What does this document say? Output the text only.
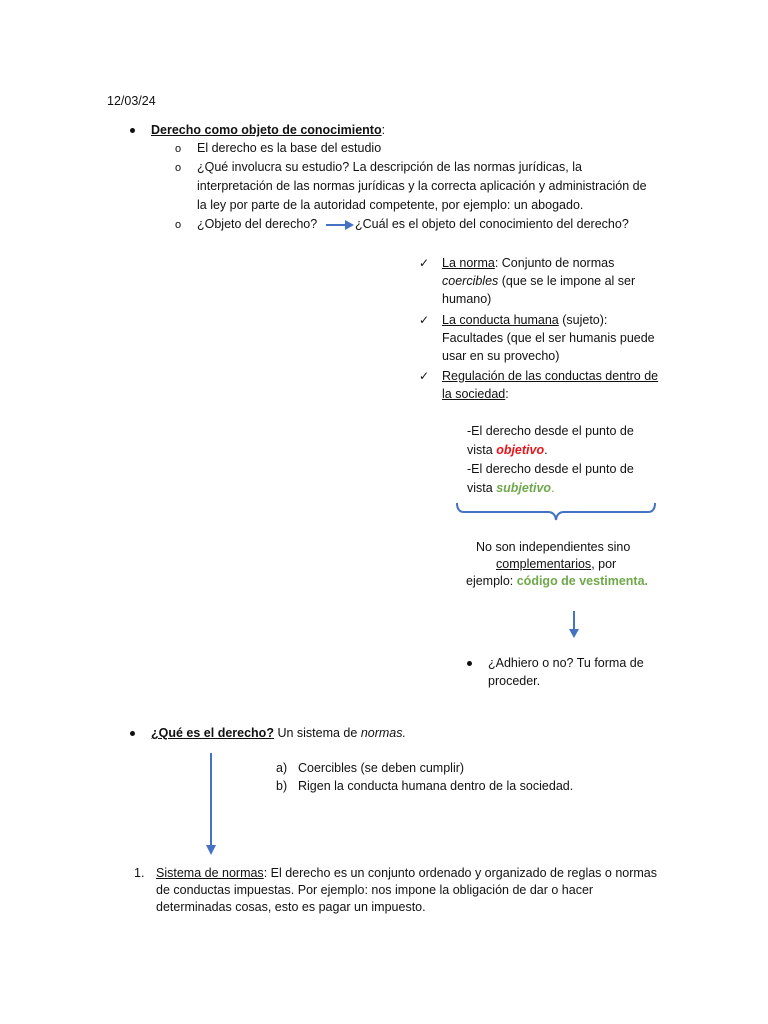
12/03/24
Derecho como objeto de conocimiento:
o El derecho es la base del estudio
o ¿Qué involucra su estudio? La descripción de las normas jurídicas, la
interpretación de las normas jurídicas y la correcta aplicación y administración de
la ley por parte de la autoridad competente, por ejemplo: un abogado.
o ¿Objeto del derecho?	¿Cuál es el objeto del conocimiento del derecho?
✓ La norma: Conjunto de normas
coercibles (que se le impone al ser
humano)
✓ La conducta humana (sujeto):
Facultades (que el ser humanis puede
usar en su provecho)
✓ Regulación de las conductas dentro de
la sociedad:
-El derecho desde el punto de
vista objetivo.
-El derecho desde el punto de
vista subjetivo.
No son independientes sino
complementarios, por
ejemplo: código de vestimenta.
¿Adhiero o no? Tu forma de
proceder.
¿Qué es el derecho? Un sistema de normas.
a) Coercibles (se deben cumplir)
b) Rigen la conducta humana dentro de la sociedad.
1. Sistema de normas: El derecho es un conjunto ordenado y organizado de reglas o normas
de conductas impuestas. Por ejemplo: nos impone la obligación de dar o hacer
determinadas cosas, esto es pagar un impuesto.
